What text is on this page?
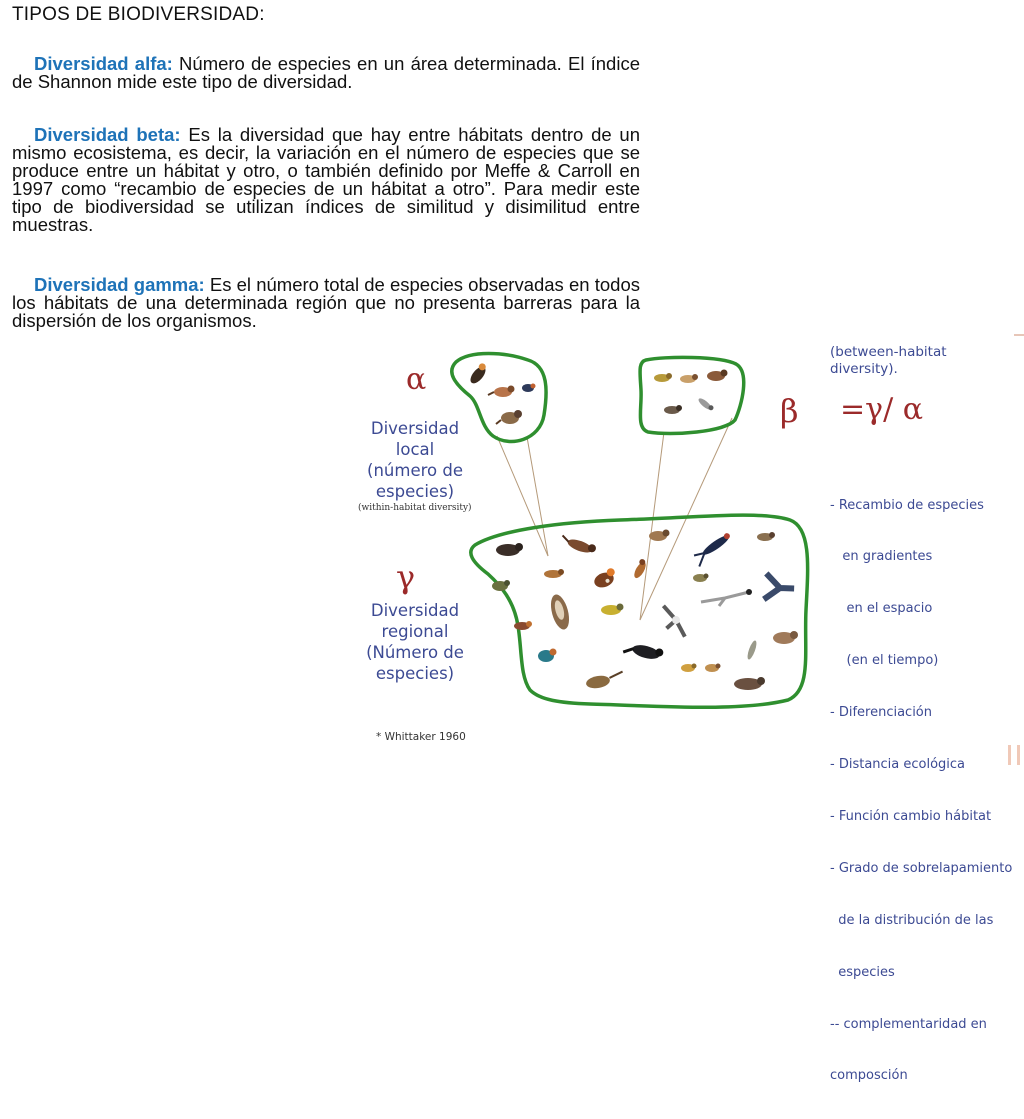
TIPOS DE BIODIVERSIDAD:
Diversidad alfa: Número de especies en un área determinada. El índice de Shannon mide este tipo de diversidad.
Diversidad beta: Es la diversidad que hay entre hábitats dentro de un mismo ecosistema, es decir, la variación en el número de especies que se produce entre un hábitat y otro, o también definido por Meffe & Carroll en 1997 como “recambio de especies de un hábitat a otro”. Para medir este tipo de biodiversidad se utilizan índices de similitud y disimilitud entre muestras.
Diversidad gamma: Es el número total de especies observadas en todos los hábitats de una determinada región que no presenta barreras para la dispersión de los organismos.
α
Diversidad
local
(número de
especies)
(within-habitat diversity)
γ
Diversidad
regional
(Número de
especies)
(between-habitat diversity).
β =γ/ α

- Recambio de especies

en gradientes

en el espacio

(en el tiempo)

- Diferenciación

- Distancia ecológica

- Función cambio hábitat

- Grado de sobrelapamiento

de la distribución de las

especies

-- complementaridad en

composción

* Whittaker 1960
